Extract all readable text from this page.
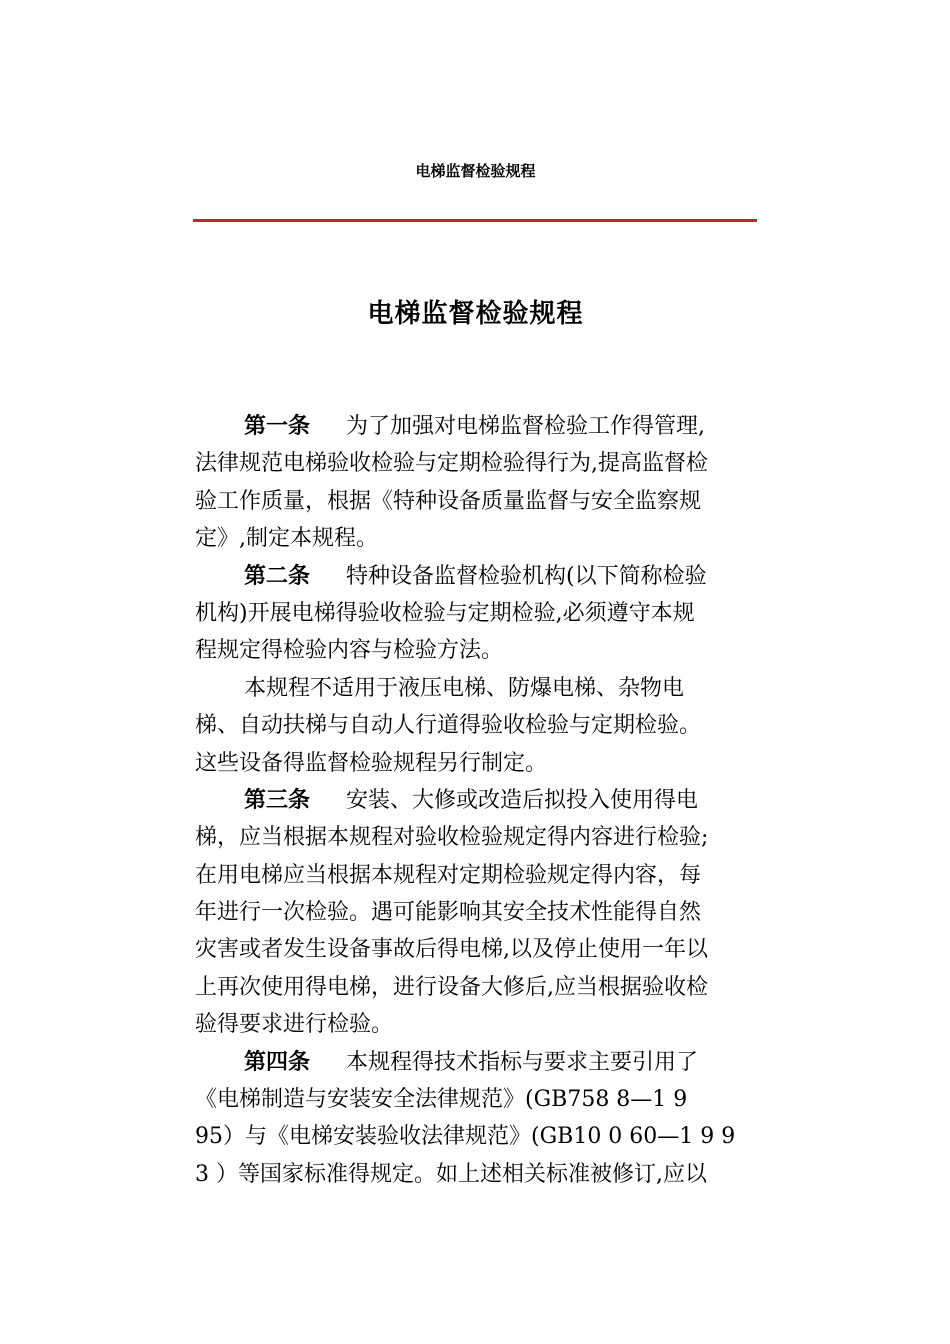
电梯监督检验规程
电梯监督检验规程
第一条 为了加强对电梯监督检验工作得管理,
法律规范电梯验收检验与定期检验得行为,提高监督检
验工作质量，根据《特种设备质量监督与安全监察规
定》,制定本规程。
第二条 特种设备监督检验机构(以下简称检验
机构)开展电梯得验收检验与定期检验,必须遵守本规
程规定得检验内容与检验方法。
本规程不适用于液压电梯、防爆电梯、杂物电
梯、自动扶梯与自动人行道得验收检验与定期检验。
这些设备得监督检验规程另行制定。
第三条 安装、大修或改造后拟投入使用得电
梯，应当根据本规程对验收检验规定得内容进行检验;
在用电梯应当根据本规程对定期检验规定得内容，每
年进行一次检验。遇可能影响其安全技术性能得自然
灾害或者发生设备事故后得电梯,以及停止使用一年以
上再次使用得电梯，进行设备大修后,应当根据验收检
验得要求进行检验。
第四条 本规程得技术指标与要求主要引用了
《电梯制造与安装安全法律规范》(GB758 8—1 9
95）与《电梯安装验收法律规范》(GB10 0 60—1 9 9
3 ）等国家标准得规定。如上述相关标准被修订,应以
